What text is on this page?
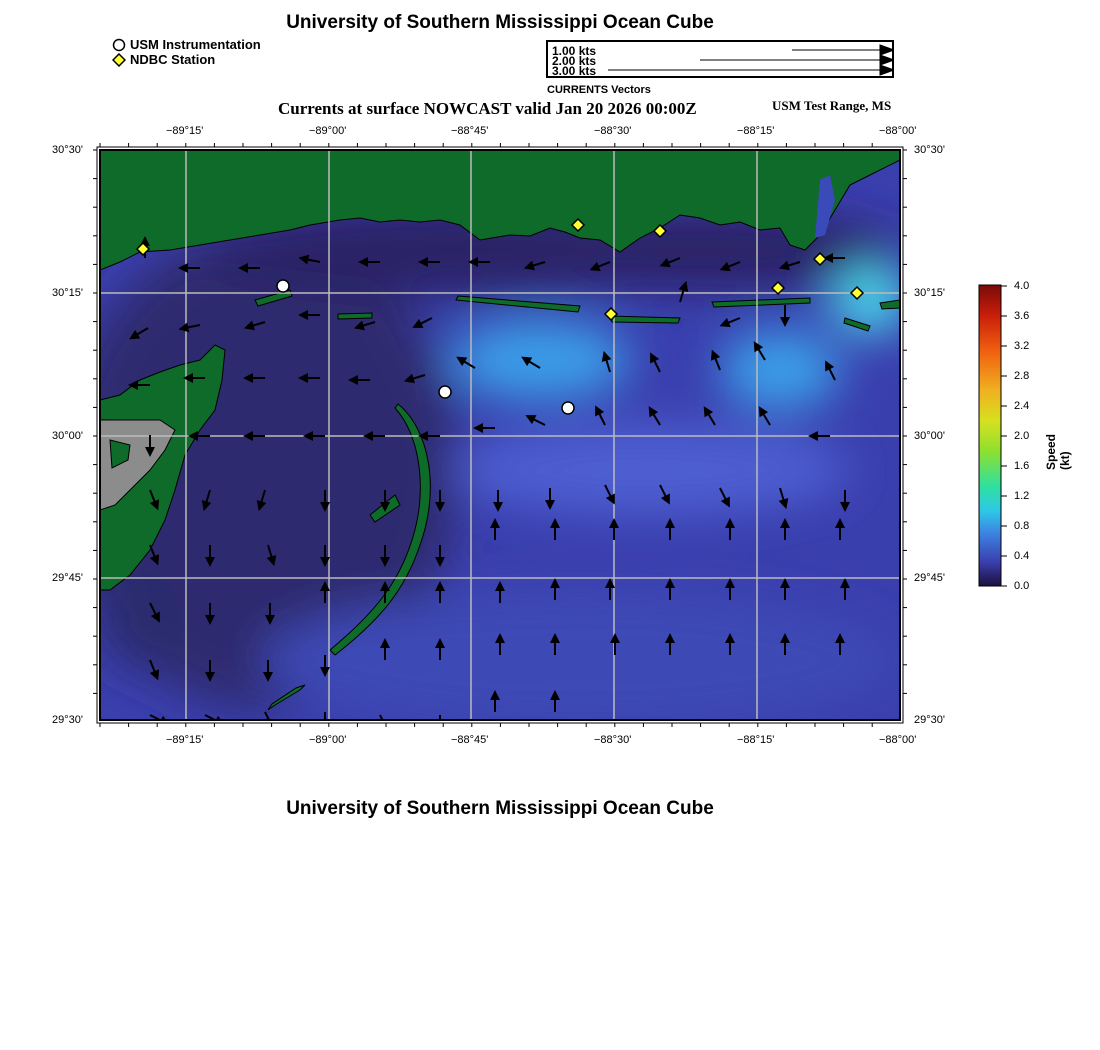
University of Southern Mississippi Ocean Cube
USM Instrumentation
NDBC Station
1.00 kts
2.00 kts
3.00 kts
CURRENTS Vectors
Currents at surface NOWCAST valid Jan 20 2026 00:00Z	USM Test Range, MS
−89°15'	−89°00'	−88°45'	−88°30'	−88°15'	−88°00'
−89°15'	−89°00'	−88°45'	−88°30'	−88°15'	−88°00'
30°30'
30°15'
30°00'
29°45'
29°30'
30°30'
30°15'
30°00'
29°45'
29°30'
4.0
3.6
3.2
2.8
2.4
2.0
1.6
1.2
0.8
0.4
0.0
Speed (kt)
University of Southern Mississippi Ocean Cube
